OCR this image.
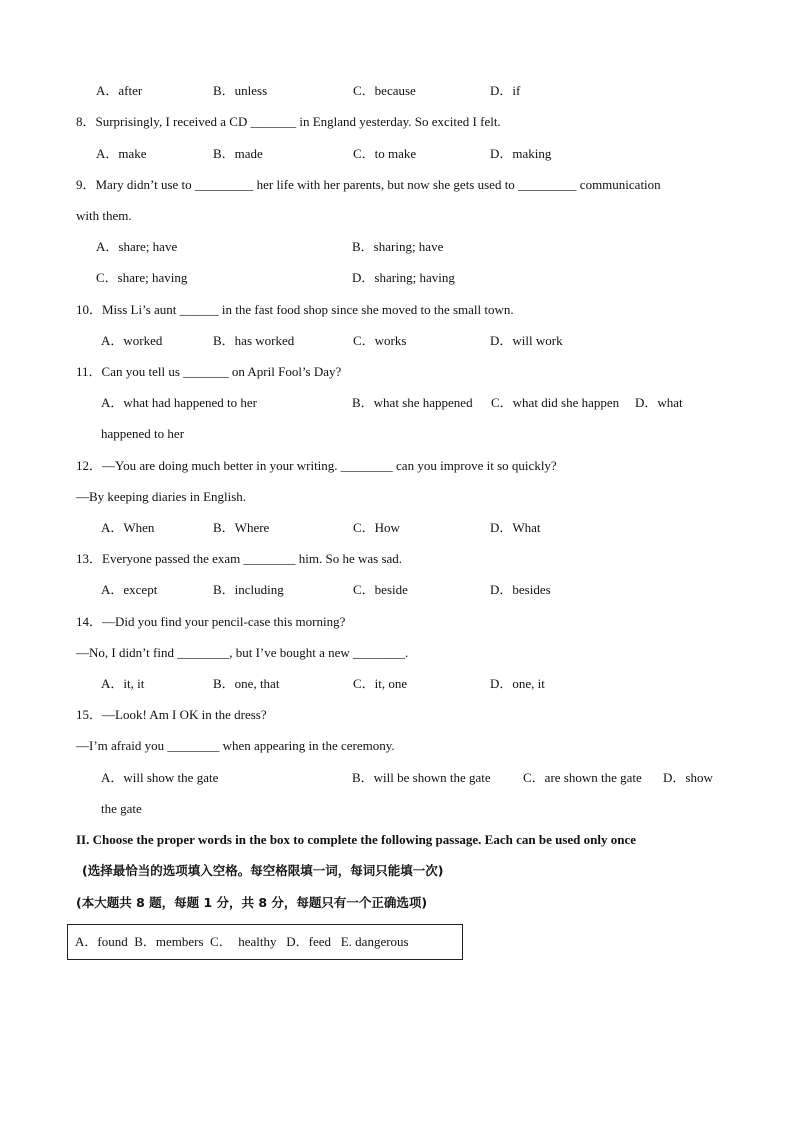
A．after	B．unless	C．because	D．if
8．Surprisingly, I received a CD _______ in England yesterday. So excited I felt.
A．make	B．made	C．to make	D．making
9．Mary didn’t use to _________ her life with her parents, but now she gets used to _________ communication
with them.
A．share; have	B．sharing; have
C．share; having	D．sharing; having
10．Miss Li’s aunt ______ in the fast food shop since she moved to the small town.
A．worked	B．has worked	C．works	D．will work
11．Can you tell us _______ on April Fool’s Day?
A．what had happened to her	B．what she happened C．what did she happen D．what
happened to her
12．—You are doing much better in your writing. ________ can you improve it so quickly?
—By keeping diaries in English.
A．When	B．Where	C．How	D．What
13．Everyone passed the exam ________ him. So he was sad.
A．except	B．including	C．beside	D．besides
14．—Did you find your pencil-case this morning?
—No, I didn’t find ________, but I’ve bought a new ________.
A．it, it	B．one, that	C．it, one	D．one, it
15．—Look! Am I OK in the dress?
—I’m afraid you ________ when appearing in the ceremony.
A．will show the gate	B．will be shown the gate C．are shown the gate D．show
the gate
II. Choose the proper words in the box to complete the following passage. Each can be used only once
(选择最恰当的选项填入空格。每空格限填一词，每词只能填一次)
(本大题共 8 题，每题 1 分，共 8 分，每题只有一个正确选项)
A．found  B．members  C．  healthy   D．feed   E. dangerous
